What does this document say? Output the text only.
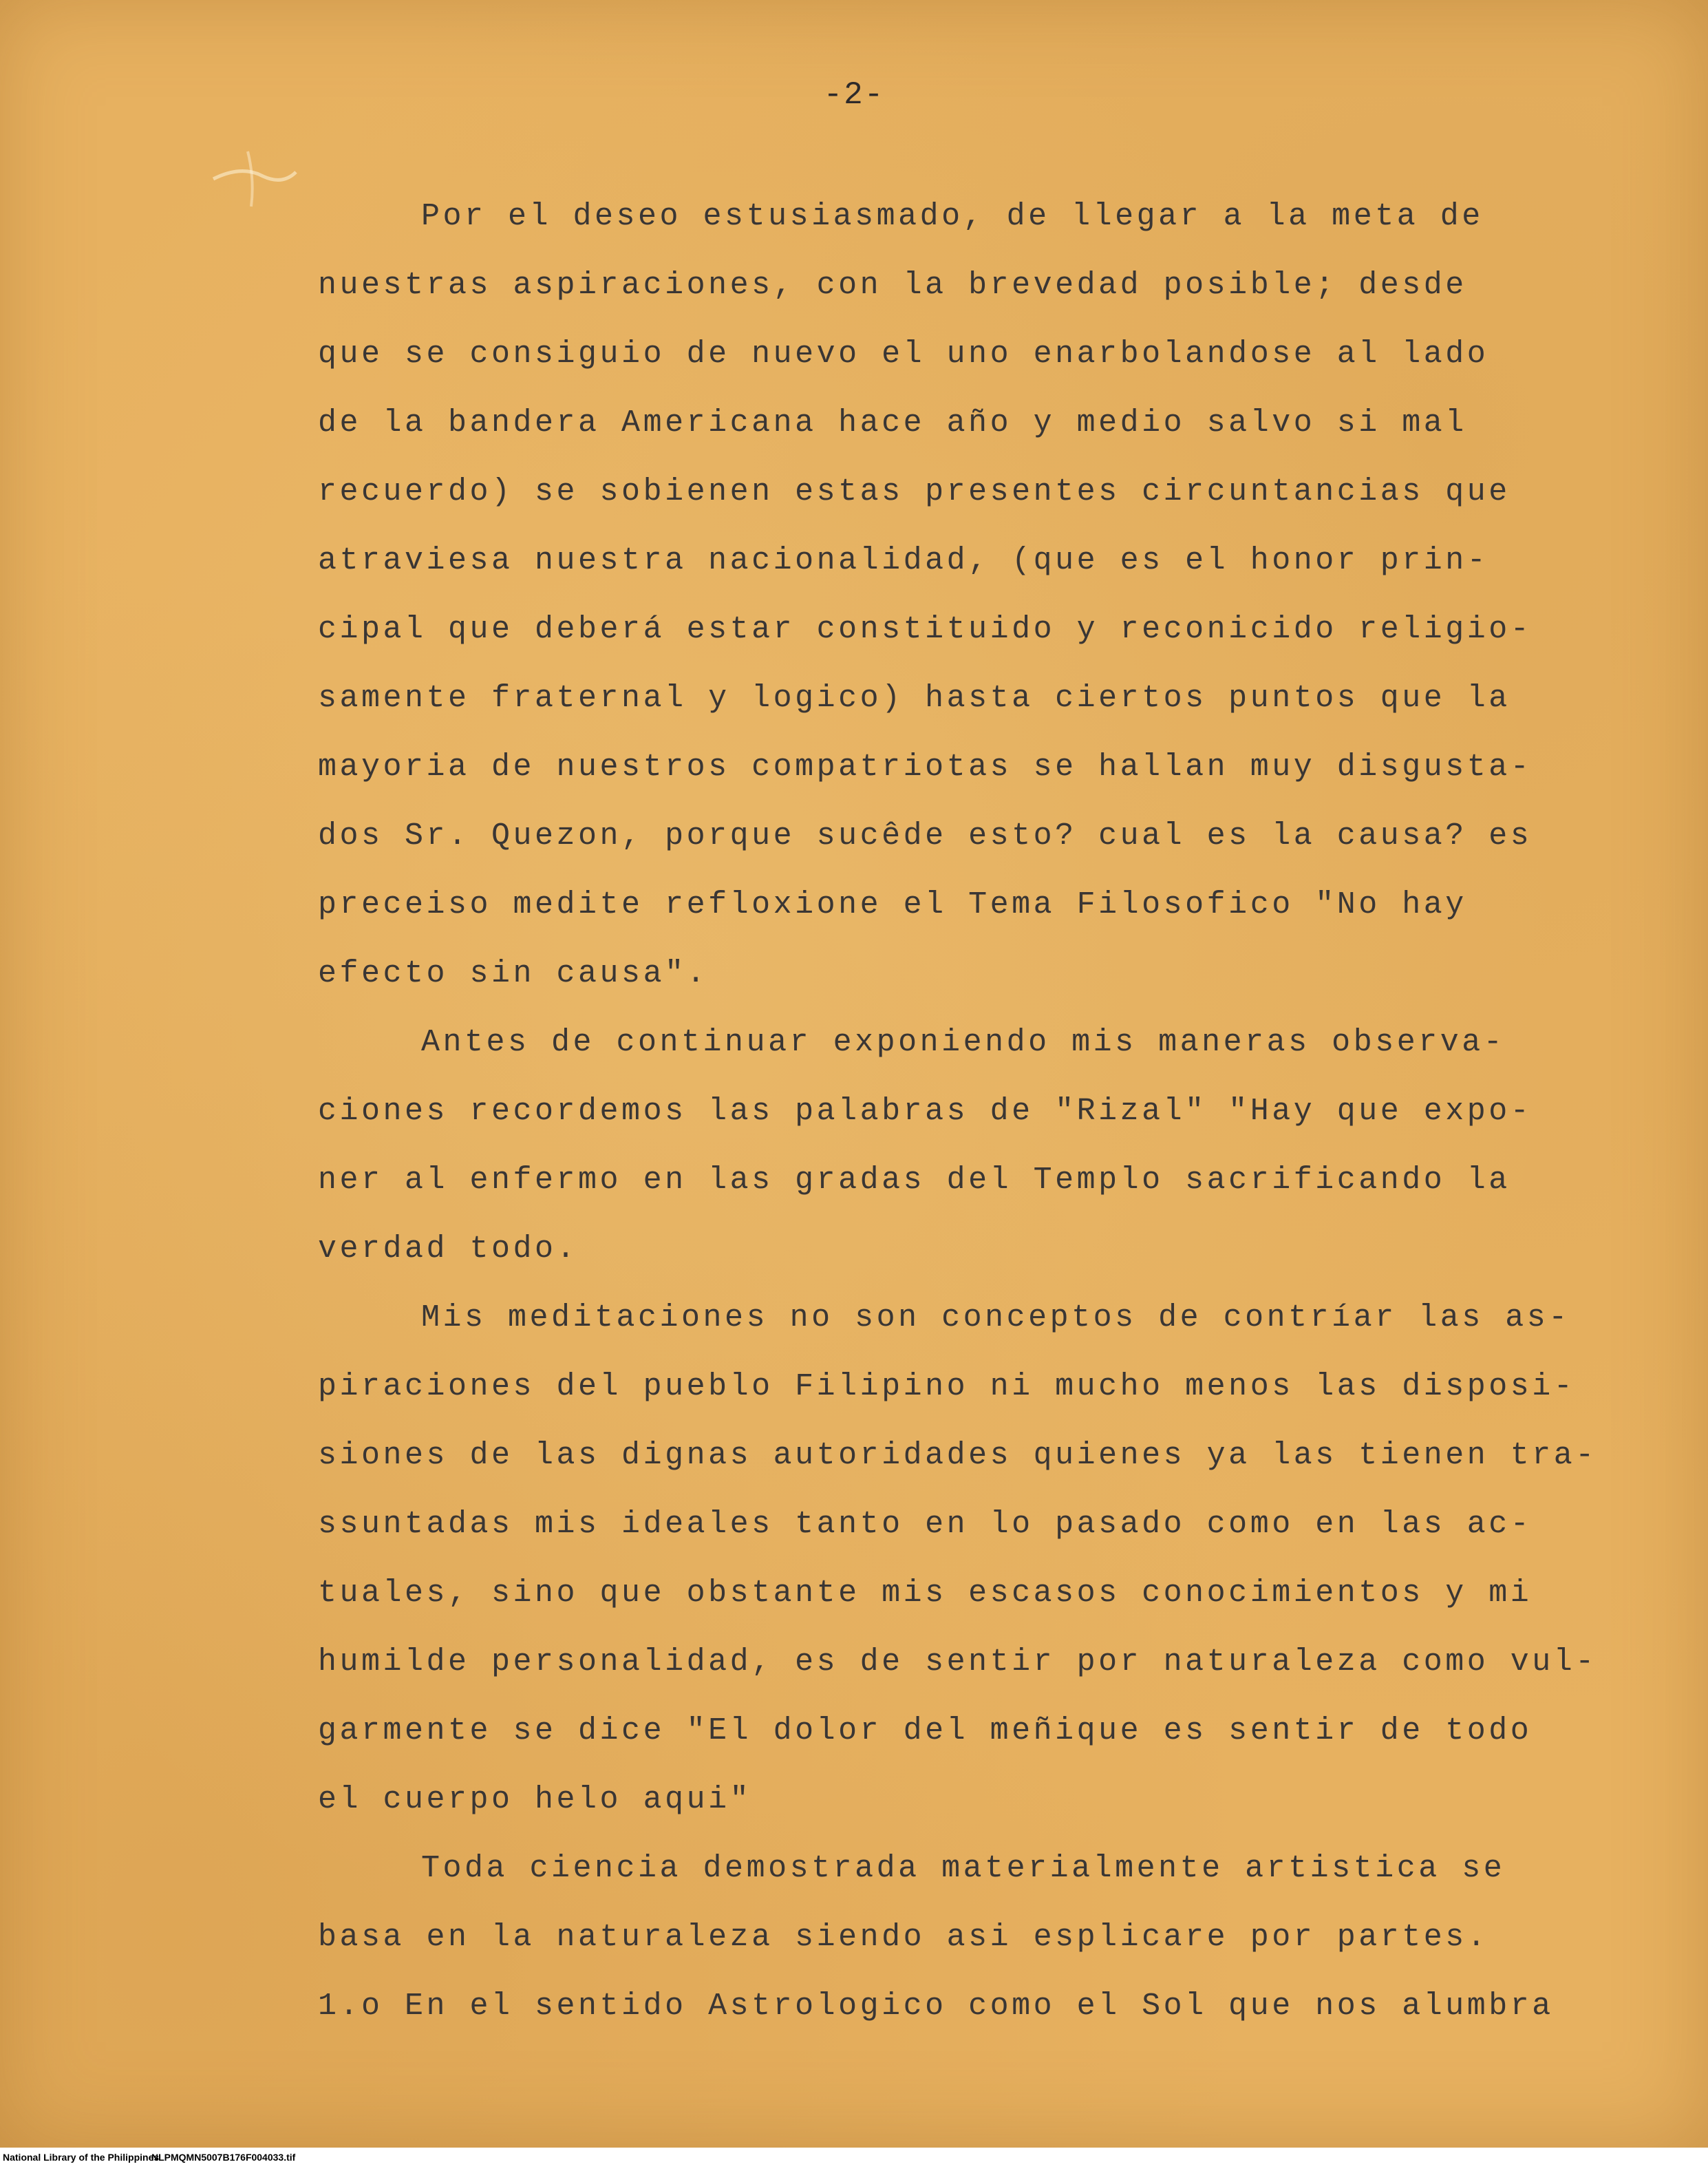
-2-
Por el deseo estusiasmado, de llegar a la meta de
nuestras aspiraciones, con la brevedad posible; desde
que se consiguio de nuevo el uno enarbolandose al lado
de la bandera Americana hace año y medio salvo si mal
recuerdo) se sobienen estas presentes circuntancias que
atraviesa nuestra nacionalidad, (que es el honor prin-
cipal que deberá estar constituido y reconicido religio-
samente fraternal y logico) hasta ciertos puntos que la
mayoria de nuestros compatriotas se hallan muy disgusta-
dos Sr. Quezon, porque sucêde esto? cual es la causa? es
preceiso medite refloxione el Tema Filosofico "No hay
efecto sin causa".
Antes de continuar exponiendo mis maneras observa-
ciones recordemos las palabras de "Rizal" "Hay que expo-
ner al enfermo en las gradas del Templo sacrificando la
verdad todo.
Mis meditaciones no son conceptos de contríar las as-
piraciones del pueblo Filipino ni mucho menos las disposi-
siones de las dignas autoridades quienes ya las tienen tra-
ssuntadas mis ideales tanto en lo pasado como en las ac-
tuales, sino que obstante mis escasos conocimientos y mi
humilde personalidad, es de sentir por naturaleza como vul-
garmente se dice "El dolor del meñique es sentir de todo
el cuerpo helo aqui"
Toda ciencia demostrada materialmente artistica se
basa en la naturaleza siendo asi esplicare por partes.
1.o En el sentido Astrologico como el Sol que nos alumbra
National Library of the Philippines
NLPMQMN5007B176F004033.tif
